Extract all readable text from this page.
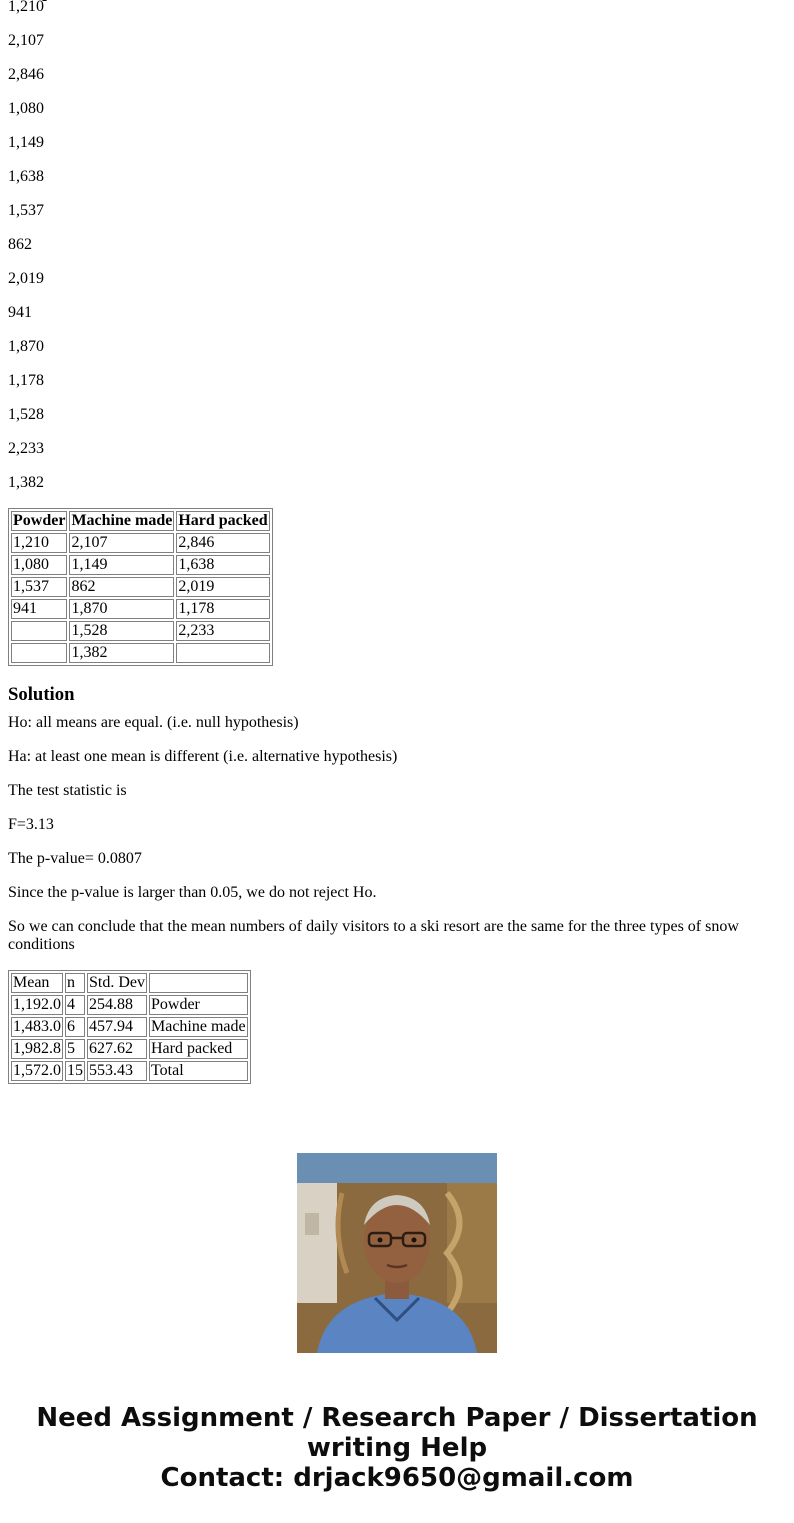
1,210

2,107

2,846

1,080

1,149

1,638

1,537

862

2,019

941

1,870

1,178

1,528

2,233

1,382

Powder	Machine made	Hard packed
1,210	2,107	2,846
1,080	1,149	1,638
1,537	862	2,019
941	1,870	1,178
	1,528	2,233
	1,382	
Solution

Ho: all means are equal. (i.e. null hypothesis)

Ha: at least one mean is different (i.e. alternative hypothesis)

The test statistic is

F=3.13

The p-value= 0.0807

Since the p-value is larger than 0.05, we do not reject Ho.

So we can conclude that the mean numbers of daily visitors to a ski resort are the same for the three types of snow conditions

Mean	n	Std. Dev	
1,192.0	4	254.88	Powder
1,483.0	6	457.94	Machine made
1,982.8	5	627.62	Hard packed
1,572.0	15	553.43	Total
Need Assignment / Research Paper / Dissertation
writing Help
Contact: drjack9650@gmail.com
